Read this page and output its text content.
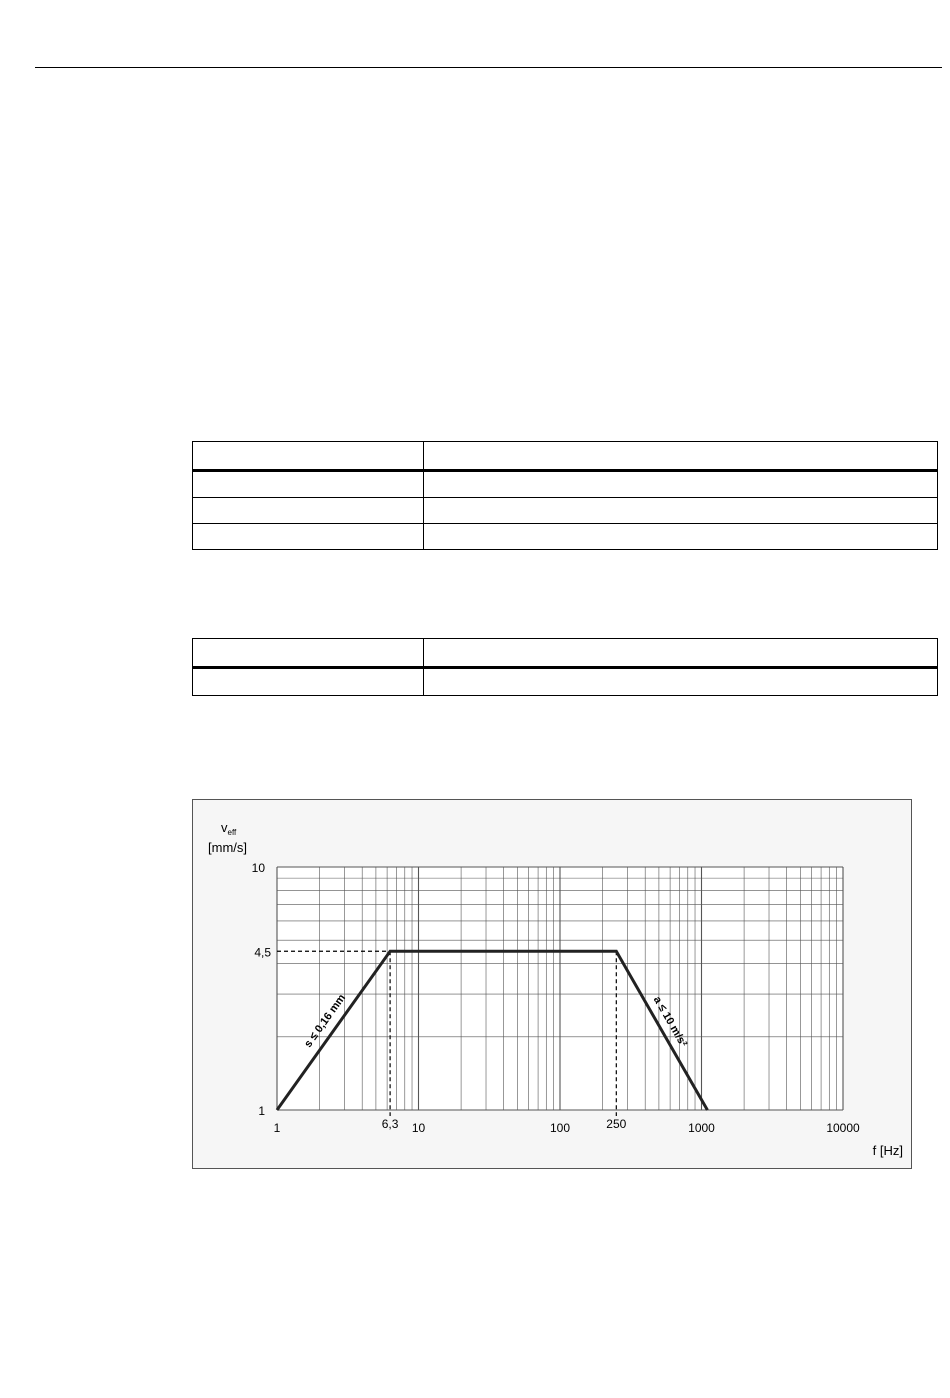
s ≤ 0,16 mm	a ≤ 10 m/s²
1	10	100	1000	10000
1
10
6,3	250
4,5
$v_{eff}$
[mm/s]
f [Hz]
